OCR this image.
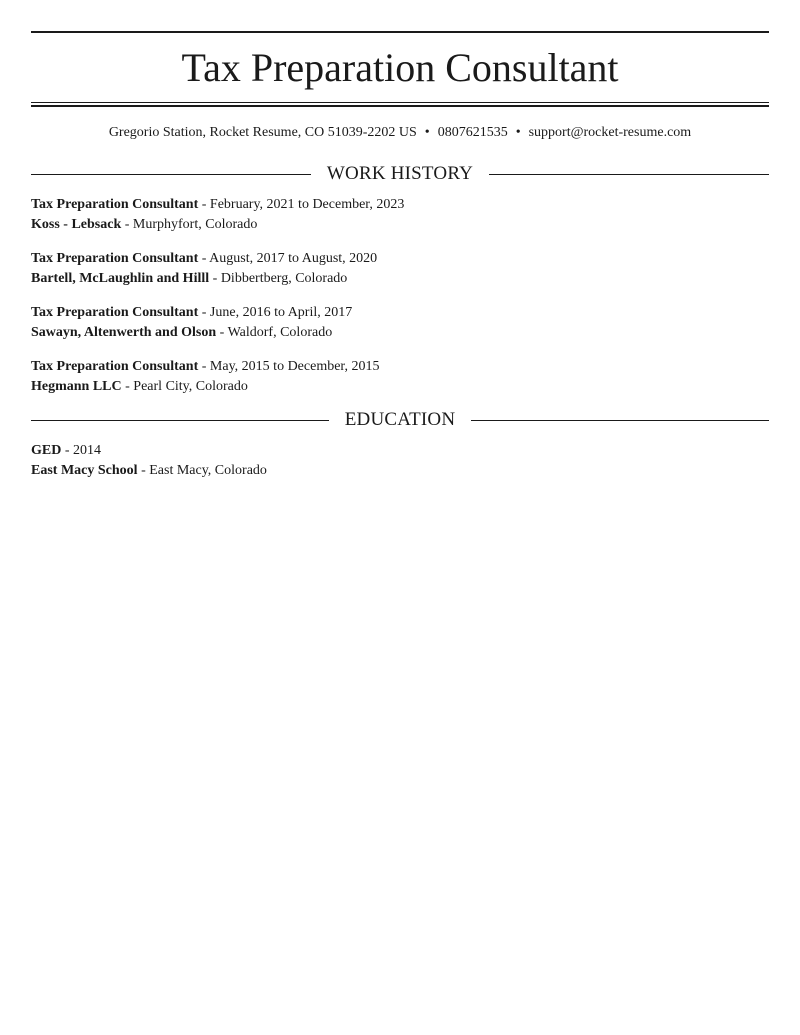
Tax Preparation Consultant
Gregorio Station, Rocket Resume, CO 51039-2202 US • 0807621535 • support@rocket-resume.com
WORK HISTORY
Tax Preparation Consultant - February, 2021 to December, 2023
Koss - Lebsack - Murphyfort, Colorado
Tax Preparation Consultant - August, 2017 to August, 2020
Bartell, McLaughlin and Hilll - Dibbertberg, Colorado
Tax Preparation Consultant - June, 2016 to April, 2017
Sawayn, Altenwerth and Olson - Waldorf, Colorado
Tax Preparation Consultant - May, 2015 to December, 2015
Hegmann LLC - Pearl City, Colorado
EDUCATION
GED - 2014
East Macy School - East Macy, Colorado
